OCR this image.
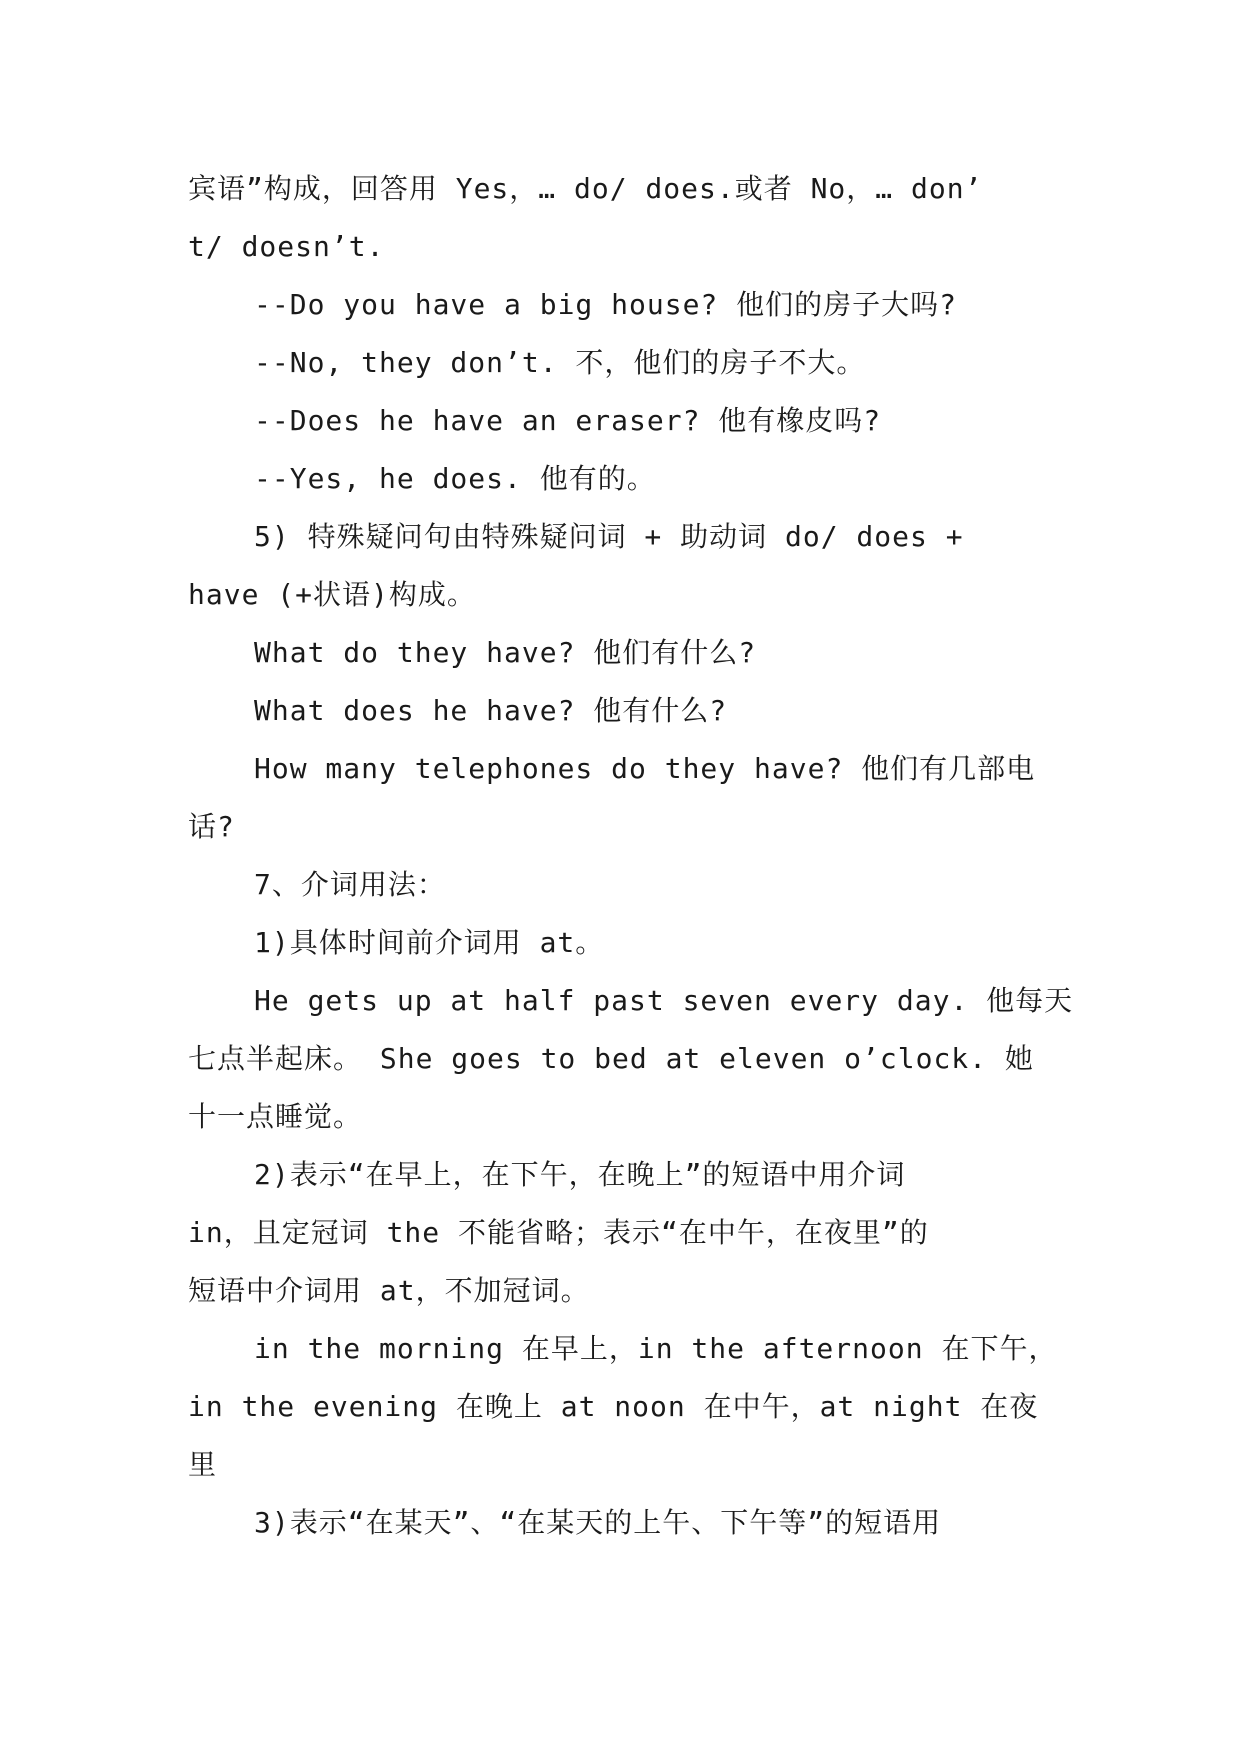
宾语”构成，回答用 Yes，… do/ does.或者 No，… don’
t/ doesn’t.
--Do you have a big house? 他们的房子大吗?
--No, they don’t. 不，他们的房子不大。
--Does he have an eraser? 他有橡皮吗?
--Yes, he does. 他有的。
5) 特殊疑问句由特殊疑问词 + 助动词 do/ does +
have (+状语)构成。
What do they have? 他们有什么?
What does he have? 他有什么?
How many telephones do they have? 他们有几部电
话?
7、介词用法：
1)具体时间前介词用 at。
He gets up at half past seven every day. 他每天
七点半起床。 She goes to bed at eleven o’clock. 她
十一点睡觉。
2)表示“在早上，在下午，在晚上”的短语中用介词
in，且定冠词 the 不能省略；表示“在中午，在夜里”的
短语中介词用 at，不加冠词。
in the morning 在早上，in the afternoon 在下午，
in the evening 在晚上 at noon 在中午，at night 在夜
里
3)表示“在某天”、“在某天的上午、下午等”的短语用
